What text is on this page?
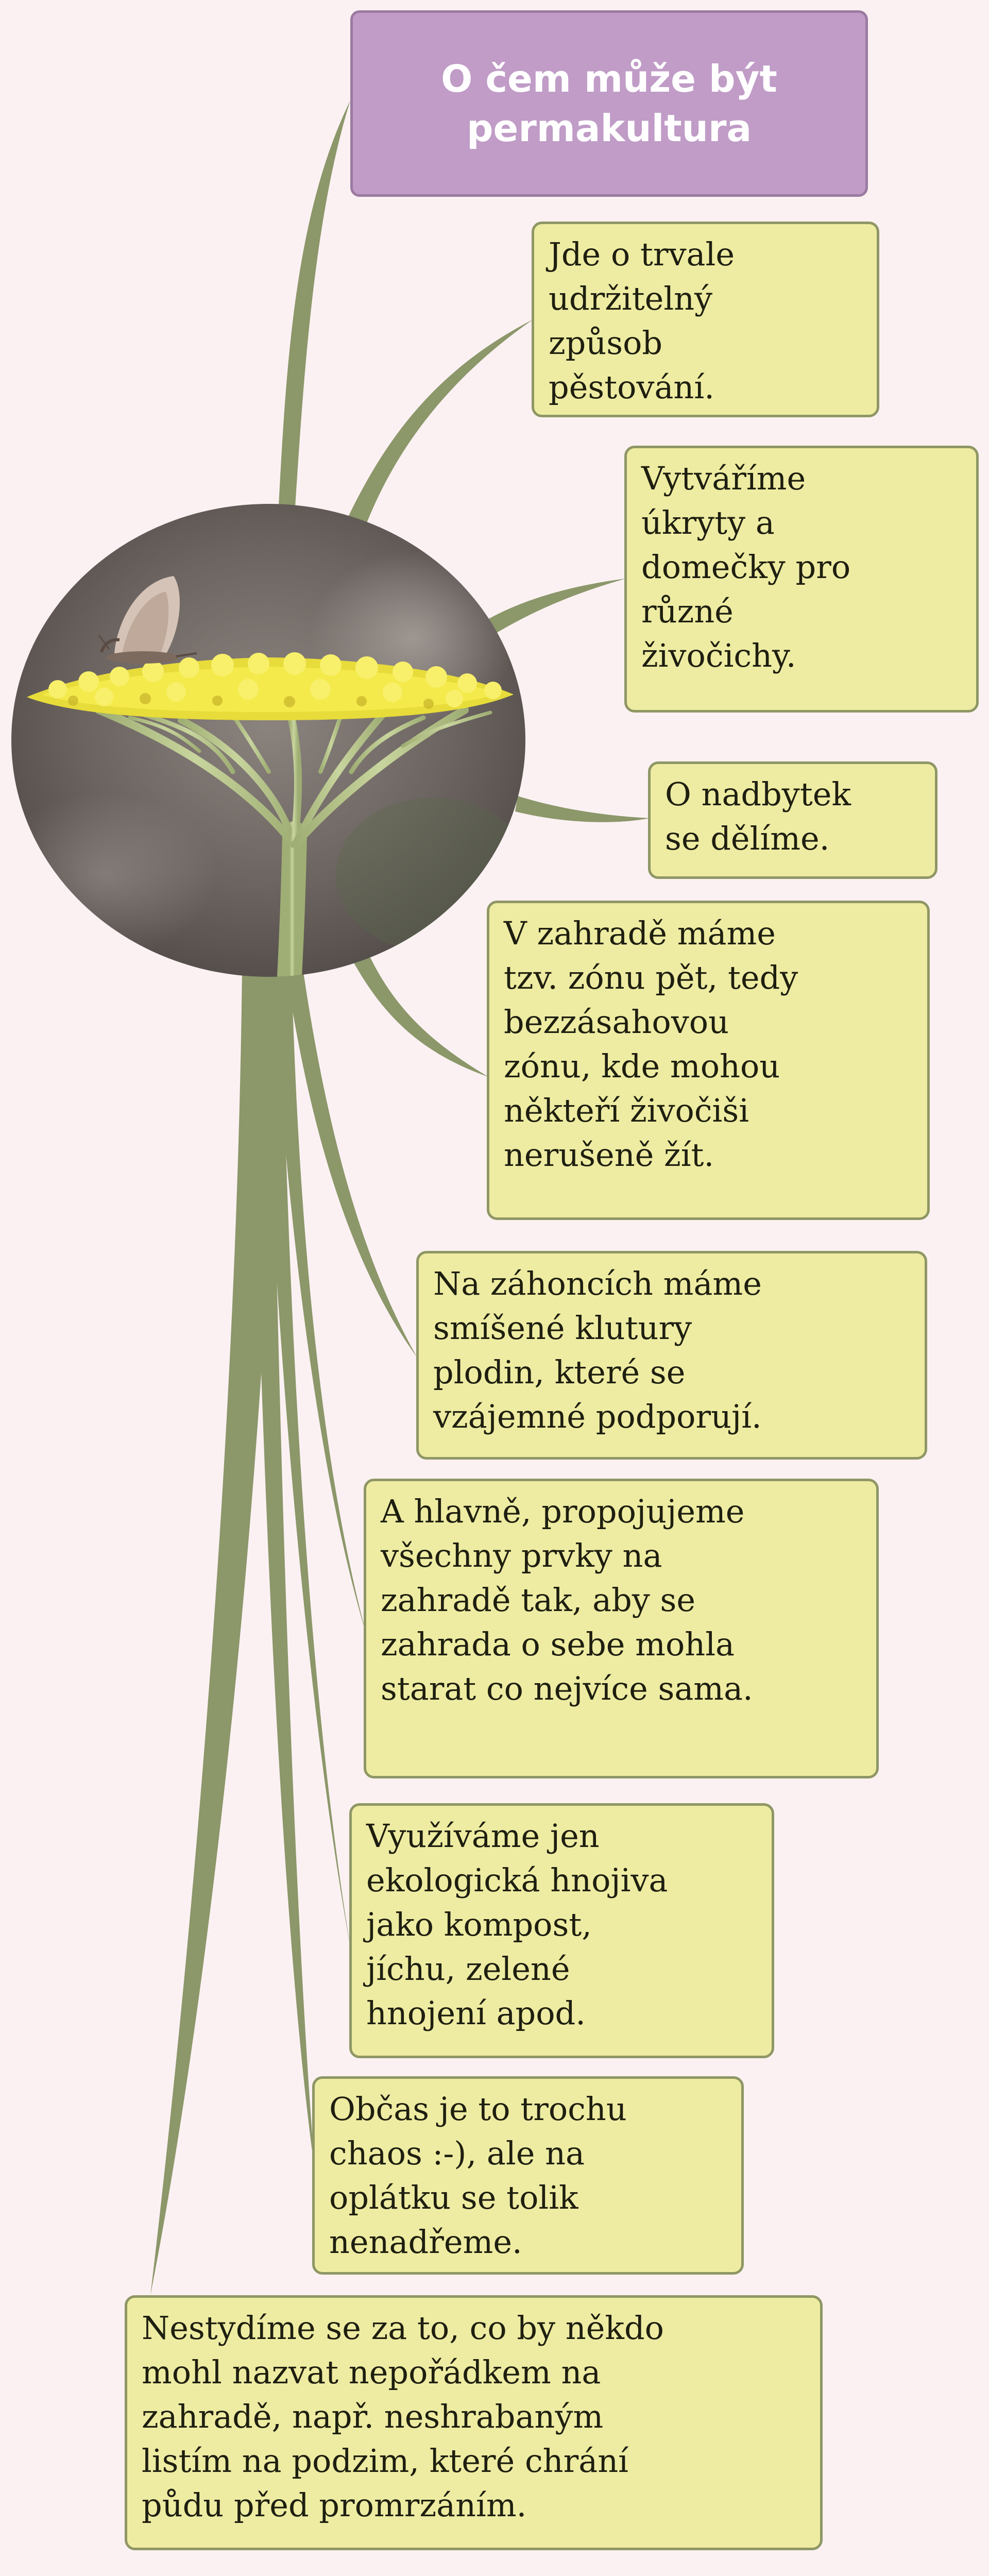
O čem může být
permakultura
Jde o trvale
udržitelný
způsob
pěstování.
Vytváříme
úkryty a
domečky pro
různé
živočichy.
O nadbytek
se dělíme.
V zahradě máme
tzv. zónu pět, tedy
bezzásahovou
zónu, kde mohou
někteří živočiši
nerušeně žít.
Na záhoncích máme
smíšené klutury
plodin, které se
vzájemné podporují.
A hlavně, propojujeme
všechny prvky na
zahradě tak, aby se
zahrada o sebe mohla
starat co nejvíce sama.
Využíváme jen
ekologická hnojiva
jako kompost,
jíchu, zelené
hnojení apod.
Občas je to trochu
chaos :-), ale na
oplátku se tolik
nenadřeme.
Nestydíme se za to, co by někdo
mohl nazvat nepořádkem na
zahradě, např. neshrabaným
listím na podzim, které chrání
půdu před promrzáním.
